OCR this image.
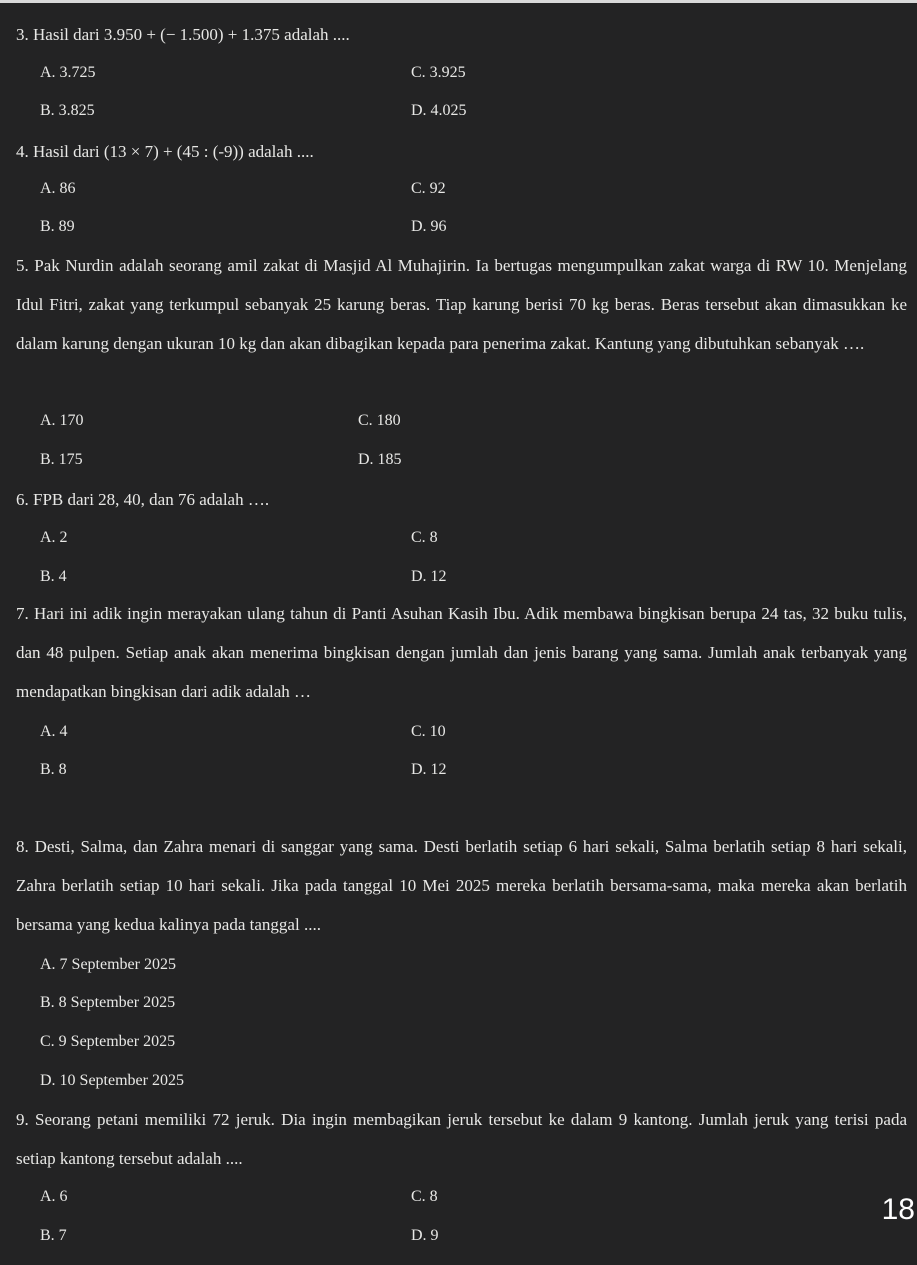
3. Hasil dari 3.950 + (− 1.500) + 1.375 adalah ....
A. 3.725	C. 3.925
B. 3.825	D. 4.025
4. Hasil dari (13 × 7) + (45 : (-9)) adalah ....
A. 86	C. 92
B. 89	D. 96
5. Pak Nurdin adalah seorang amil zakat di Masjid Al Muhajirin. Ia bertugas mengumpulkan zakat warga di RW 10. Menjelang Idul Fitri, zakat yang terkumpul sebanyak 25 karung beras. Tiap karung berisi 70 kg beras. Beras tersebut akan dimasukkan ke dalam karung dengan ukuran 10 kg dan akan dibagikan kepada para penerima zakat. Kantung yang dibutuhkan sebanyak ….
A. 170	C. 180
B. 175	D. 185
6. FPB dari 28, 40, dan 76 adalah ….
A. 2	C. 8
B. 4	D. 12
7. Hari ini adik ingin merayakan ulang tahun di Panti Asuhan Kasih Ibu. Adik membawa bingkisan berupa 24 tas, 32 buku tulis, dan 48 pulpen. Setiap anak akan menerima bingkisan dengan jumlah dan jenis barang yang sama. Jumlah anak terbanyak yang mendapatkan bingkisan dari adik adalah …
A. 4	C. 10
B. 8	D. 12
8. Desti, Salma, dan Zahra menari di sanggar yang sama. Desti berlatih setiap 6 hari sekali, Salma berlatih setiap 8 hari sekali, Zahra berlatih setiap 10 hari sekali. Jika pada tanggal 10 Mei 2025 mereka berlatih bersama-sama, maka mereka akan berlatih bersama yang kedua kalinya pada tanggal ....
A. 7 September 2025
B. 8 September 2025
C. 9 September 2025
D. 10 September 2025
9. Seorang petani memiliki 72 jeruk. Dia ingin membagikan jeruk tersebut ke dalam 9 kantong. Jumlah jeruk yang terisi pada setiap kantong tersebut adalah ....
A. 6	C. 8
B. 7	D. 9
18
